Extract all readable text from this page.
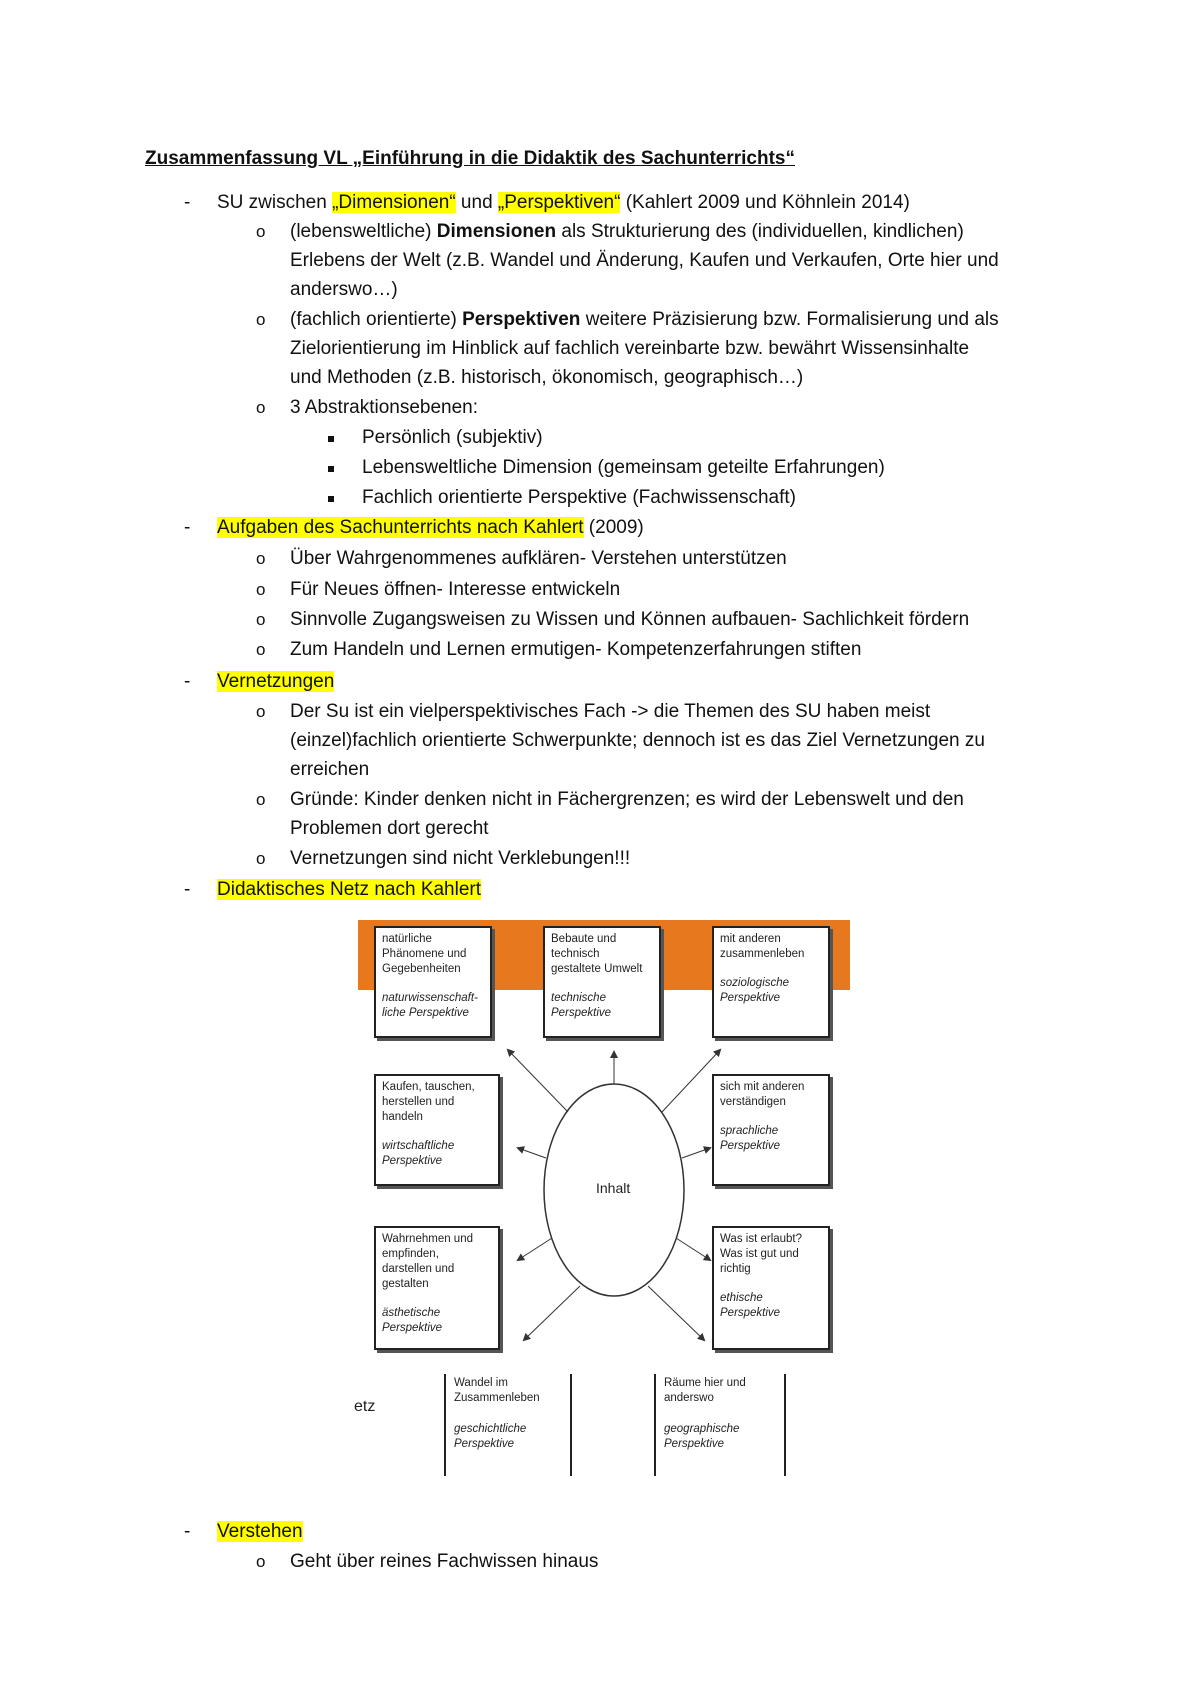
Zusammenfassung VL „Einführung in die Didaktik des Sachunterrichts“
- SU zwischen „Dimensionen“ und „Perspektiven“ (Kahlert 2009 und Köhnlein 2014)
o (lebensweltliche) Dimensionen als Strukturierung des (individuellen, kindlichen)
Erlebens der Welt (z.B. Wandel und Änderung, Kaufen und Verkaufen, Orte hier und
anderswo…)
o (fachlich orientierte) Perspektiven weitere Präzisierung bzw. Formalisierung und als
Zielorientierung im Hinblick auf fachlich vereinbarte bzw. bewährt Wissensinhalte
und Methoden (z.B. historisch, ökonomisch, geographisch…)
o 3 Abstraktionsebenen:
Persönlich (subjektiv)
Lebensweltliche Dimension (gemeinsam geteilte Erfahrungen)
Fachlich orientierte Perspektive (Fachwissenschaft)
- Aufgaben des Sachunterrichts nach Kahlert (2009)
o Über Wahrgenommenes aufklären- Verstehen unterstützen
o Für Neues öffnen- Interesse entwickeln
o Sinnvolle Zugangsweisen zu Wissen und Können aufbauen- Sachlichkeit fördern
o Zum Handeln und Lernen ermutigen- Kompetenzerfahrungen stiften
- Vernetzungen
o Der Su ist ein vielperspektivisches Fach -> die Themen des SU haben meist
(einzel)fachlich orientierte Schwerpunkte; dennoch ist es das Ziel Vernetzungen zu
erreichen
o Gründe: Kinder denken nicht in Fächergrenzen; es wird der Lebenswelt und den
Problemen dort gerecht
o Vernetzungen sind nicht Verklebungen!!!
- Didaktisches Netz nach Kahlert
Inhalt
natürliche
Phänomene und
Gegebenheiten
naturwissenschaft-
liche Perspektive
Bebaute und
technisch
gestaltete Umwelt
technische
Perspektive
mit anderen
zusammenleben
soziologische
Perspektive
Kaufen, tauschen,
herstellen und
handeln
wirtschaftliche
Perspektive
sich mit anderen
verständigen
sprachliche
Perspektive
Wahrnehmen und
empfinden,
darstellen und
gestalten
ästhetische
Perspektive
Was ist erlaubt?
Was ist gut und
richtig
ethische
Perspektive
Wandel im
Zusammenleben
geschichtliche
Perspektive
Räume hier und
anderswo
geographische
Perspektive
etz
- Verstehen
o Geht über reines Fachwissen hinaus
